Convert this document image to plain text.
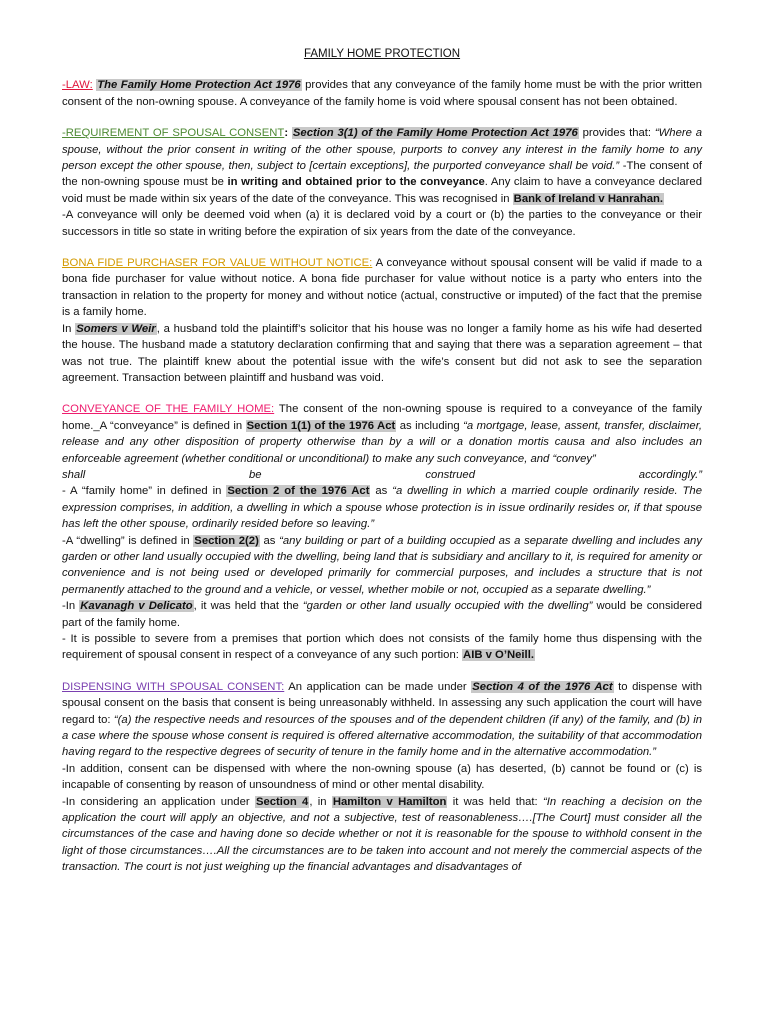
FAMILY HOME PROTECTION

-LAW: The Family Home Protection Act 1976 provides that any conveyance of the family home must be with the prior written consent of the non-owning spouse. A conveyance of the family home is void where spousal consent has not been obtained.

-REQUIREMENT OF SPOUSAL CONSENT: Section 3(1) of the Family Home Protection Act 1976 provides that: “Where a spouse, without the prior consent in writing of the other spouse, purports to convey any interest in the family home to any person except the other spouse, then, subject to [certain exceptions], the purported conveyance shall be void.” -The consent of the non-owning spouse must be in writing and obtained prior to the conveyance. Any claim to have a conveyance declared void must be made within six years of the date of the conveyance. This was recognised in Bank of Ireland v Hanrahan.

-A conveyance will only be deemed void when (a) it is declared void by a court or (b) the parties to the conveyance or their successors in title so state in writing before the expiration of six years from the date of the conveyance.

BONA FIDE PURCHASER FOR VALUE WITHOUT NOTICE: A conveyance without spousal consent will be valid if made to a bona fide purchaser for value without notice. A bona fide purchaser for value without notice is a party who enters into the transaction in relation to the property for money and without notice (actual, constructive or imputed) of the fact that the premise is a family home.

In Somers v Weir, a husband told the plaintiff’s solicitor that his house was no longer a family home as his wife had deserted the house. The husband made a statutory declaration confirming that and saying that there was a separation agreement – that was not true. The plaintiff knew about the potential issue with the wife’s consent but did not ask to see the separation agreement. Transaction between plaintiff and husband was void.

CONVEYANCE OF THE FAMILY HOME: The consent of the non-owning spouse is required to a conveyance of the family home._A “conveyance” is defined in Section 1(1) of the 1976 Act as including “a mortgage, lease, assent, transfer, disclaimer, release and any other disposition of property otherwise than by a will or a donation mortis causa and also includes an enforceable agreement (whether conditional or unconditional) to make any such conveyance, and “convey”

shall be construed accordingly.”

- A “family home” in defined in Section 2 of the 1976 Act as “a dwelling in which a married couple ordinarily reside. The expression comprises, in addition, a dwelling in which a spouse whose protection is in issue ordinarily resides or, if that spouse has left the other spouse, ordinarily resided before so leaving.”

-A “dwelling” is defined in Section 2(2) as “any building or part of a building occupied as a separate dwelling and includes any garden or other land usually occupied with the dwelling, being land that is subsidiary and ancillary to it, is required for amenity or convenience and is not being used or developed primarily for commercial purposes, and includes a structure that is not permanently attached to the ground and a vehicle, or vessel, whether mobile or not, occupied as a separate dwelling.”

-In Kavanagh v Delicato, it was held that the “garden or other land usually occupied with the dwelling” would be considered part of the family home.

- It is possible to severe from a premises that portion which does not consists of the family home thus dispensing with the requirement of spousal consent in respect of a conveyance of any such portion: AIB v O’Neill.

DISPENSING WITH SPOUSAL CONSENT: An application can be made under Section 4 of the 1976 Act to dispense with spousal consent on the basis that consent is being unreasonably withheld. In assessing any such application the court will have regard to: “(a) the respective needs and resources of the spouses and of the dependent children (if any) of the family, and (b) in a case where the spouse whose consent is required is offered alternative accommodation, the suitability of that accommodation having regard to the respective degrees of security of tenure in the family home and in the alternative accommodation.”

-In addition, consent can be dispensed with where the non-owning spouse (a) has deserted, (b) cannot be found or (c) is incapable of consenting by reason of unsoundness of mind or other mental disability.

-In considering an application under Section 4, in Hamilton v Hamilton it was held that: “In reaching a decision on the application the court will apply an objective, and not a subjective, test of reasonableness….[The Court] must consider all the circumstances of the case and having done so decide whether or not it is reasonable for the spouse to withhold consent in the light of those circumstances….All the circumstances are to be taken into account and not merely the commercial aspects of the transaction. The court is not just weighing up the financial advantages and disadvantages of
